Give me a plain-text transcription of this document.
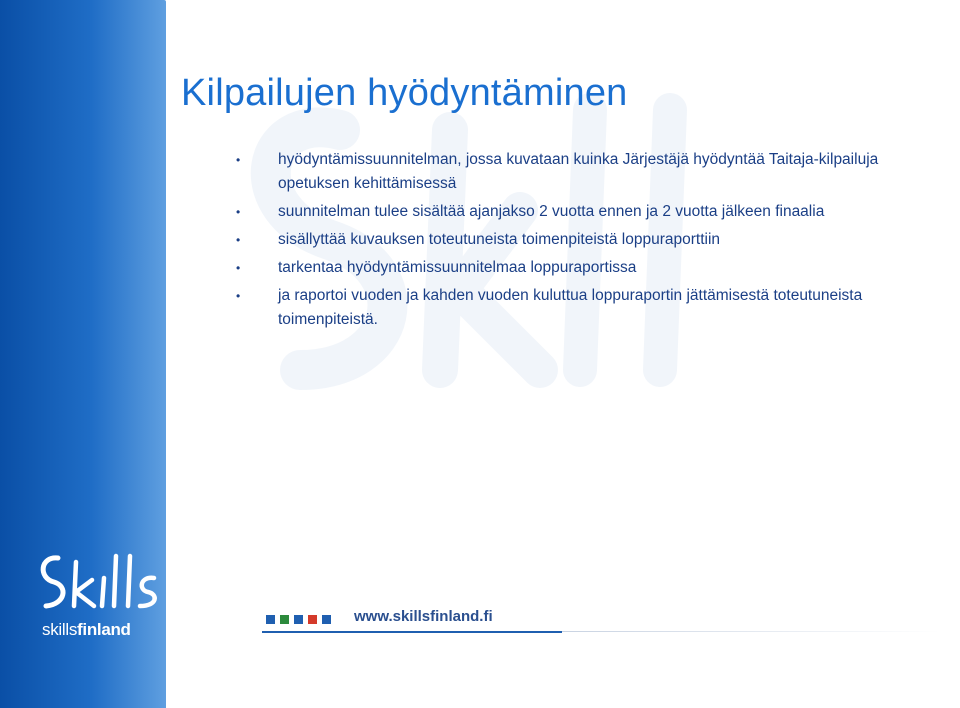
Kilpailujen hyödyntäminen
•	hyödyntämissuunnitelman, jossa kuvataan kuinka Järjestäjä hyödyntää Taitaja-kilpailuja opetuksen kehittämisessä
•	suunnitelman tulee sisältää ajanjakso 2 vuotta ennen ja 2 vuotta jälkeen finaalia
•	sisällyttää kuvauksen toteutuneista toimenpiteistä loppuraporttiin
•	tarkentaa hyödyntämissuunnitelmaa loppuraportissa
•	ja raportoi vuoden ja kahden vuoden kuluttua loppuraportin jättämisestä toteutuneista toimenpiteistä.
skillsfinland
www.skillsfinland.fi
